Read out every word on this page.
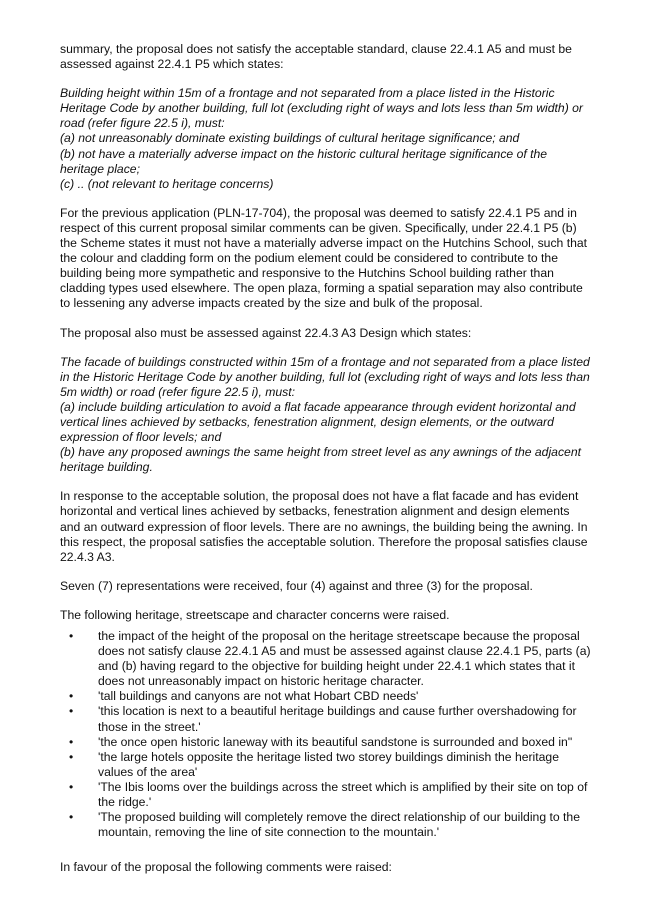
summary, the proposal does not satisfy the acceptable standard, clause 22.4.1 A5 and must be assessed against 22.4.1 P5 which states:

Building height within 15m of a frontage and not separated from a place listed in the Historic Heritage Code by another building, full lot (excluding right of ways and lots less than 5m width) or road (refer figure 22.5 i), must:
(a) not unreasonably dominate existing buildings of cultural heritage significance; and
(b) not have a materially adverse impact on the historic cultural heritage significance of the heritage place;
(c) .. (not relevant to heritage concerns)

For the previous application (PLN-17-704), the proposal was deemed to satisfy 22.4.1 P5 and in respect of this current proposal similar comments can be given. Specifically, under 22.4.1 P5 (b) the Scheme states it must not have a materially adverse impact on the Hutchins School, such that the colour and cladding form on the podium element could be considered to contribute to the building being more sympathetic and responsive to the Hutchins School building rather than cladding types used elsewhere. The open plaza, forming a spatial separation may also contribute to lessening any adverse impacts created by the size and bulk of the proposal.

The proposal also must be assessed against 22.4.3 A3 Design which states:

The facade of buildings constructed within 15m of a frontage and not separated from a place listed in the Historic Heritage Code by another building, full lot (excluding right of ways and lots less than 5m width) or road (refer figure 22.5 i), must:
(a) include building articulation to avoid a flat facade appearance through evident horizontal and vertical lines achieved by setbacks, fenestration alignment, design elements, or the outward expression of floor levels; and
(b) have any proposed awnings the same height from street level as any awnings of the adjacent heritage building.

In response to the acceptable solution, the proposal does not have a flat facade and has evident horizontal and vertical lines achieved by setbacks, fenestration alignment and design elements and an outward expression of floor levels. There are no awnings, the building being the awning. In this respect, the proposal satisfies the acceptable solution. Therefore the proposal satisfies clause 22.4.3 A3.

Seven (7) representations were received, four (4) against and three (3) for the proposal.

The following heritage, streetscape and character concerns were raised.

• the impact of the height of the proposal on the heritage streetscape because the proposal does not satisfy clause 22.4.1 A5 and must be assessed against clause 22.4.1 P5, parts (a) and (b) having regard to the objective for building height under 22.4.1 which states that it does not unreasonably impact on historic heritage character.
• 'tall buildings and canyons are not what Hobart CBD needs'
• 'this location is next to a beautiful heritage buildings and cause further overshadowing for those in the street.'
• 'the once open historic laneway with its beautiful sandstone is surrounded and boxed in"
• 'the large hotels opposite the heritage listed two storey buildings diminish the heritage values of the area'
• 'The Ibis looms over the buildings across the street which is amplified by their site on top of the ridge.'
• 'The proposed building will completely remove the direct relationship of our building to the mountain, removing the line of site connection to the mountain.'

In favour of the proposal the following comments were raised:
